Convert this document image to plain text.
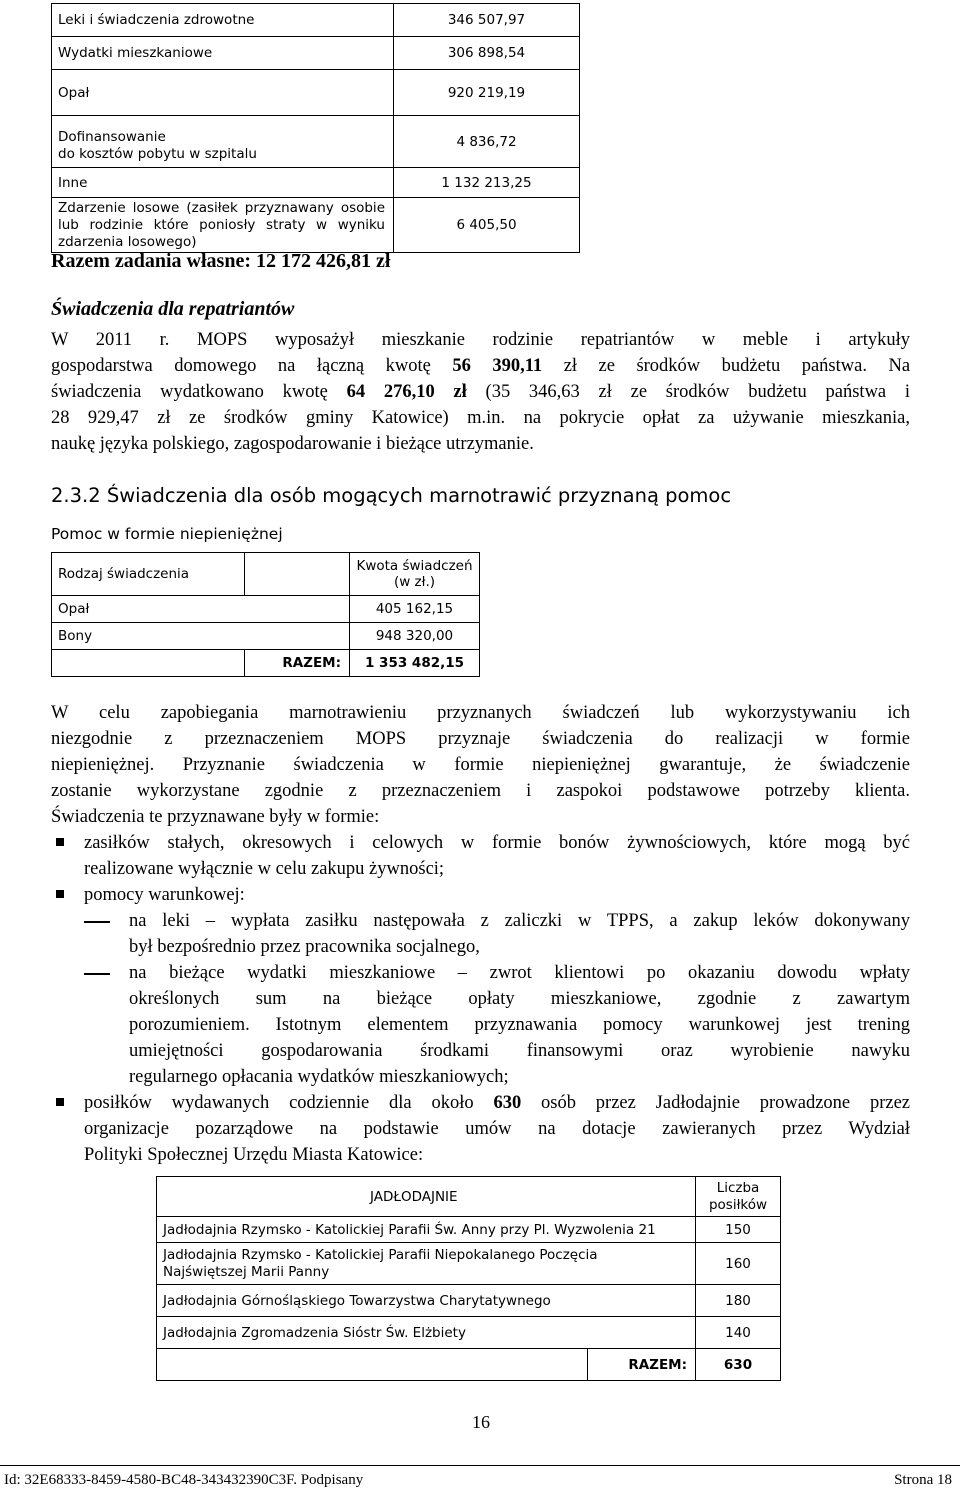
Leki i świadczenia zdrowotne	346 507,97
Wydatki mieszkaniowe	306 898,54
Opał	920 219,19

Dofinansowanie
do kosztów pobytu w szpitalu	4 836,72
Inne	1 132 213,25

Zdarzenie losowe (zasiłek przyznawany osobie
lub rodzinie które poniosły straty w wyniku
zdarzenia losowego)	6 405,50
Razem zadania własne: 12 172 426,81 zł
Świadczenia dla repatriantów
W 2011 r. MOPS wyposażył mieszkanie rodzinie repatriantów w meble i artykuły
gospodarstwa domowego na łączną kwotę 56 390,11 zł ze środków budżetu państwa. Na
świadczenia wydatkowano kwotę 64 276,10 zł (35 346,63 zł ze środków budżetu państwa i
28 929,47 zł ze środków gminy Katowice) m.in. na pokrycie opłat za używanie mieszkania,
naukę języka polskiego, zagospodarowanie i bieżące utrzymanie.
2.3.2 Świadczenia dla osób mogących marnotrawić przyznaną pomoc
Pomoc w formie niepieniężnej
Rodzaj świadczenia		Kwota świadczeń
(w zł.)

Opał		405 162,15
Bony		948 320,00
	RAZEM:	1 353 482,15
W celu zapobiegania marnotrawieniu przyznanych świadczeń lub wykorzystywaniu ich
niezgodnie z przeznaczeniem MOPS przyznaje świadczenia do realizacji w formie
niepieniężnej. Przyznanie świadczenia w formie niepieniężnej gwarantuje, że świadczenie
zostanie wykorzystane zgodnie z przeznaczeniem i zaspokoi podstawowe potrzeby klienta.
Świadczenia te przyznawane były w formie:
zasiłków stałych, okresowych i celowych w formie bonów żywnościowych, które mogą być
realizowane wyłącznie w celu zakupu żywności;
pomocy warunkowej:
na leki – wypłata zasiłku następowała z zaliczki w TPPS, a zakup leków dokonywany
był bezpośrednio przez pracownika socjalnego,
na bieżące wydatki mieszkaniowe – zwrot klientowi po okazaniu dowodu wpłaty
określonych sum na bieżące opłaty mieszkaniowe, zgodnie z zawartym
porozumieniem. Istotnym elementem przyznawania pomocy warunkowej jest trening
umiejętności gospodarowania środkami finansowymi oraz wyrobienie nawyku
regularnego opłacania wydatków mieszkaniowych;
posiłków wydawanych codziennie dla około 630 osób przez Jadłodajnie prowadzone przez
organizacje pozarządowe na podstawie umów na dotacje zawieranych przez Wydział
Polityki Społecznej Urzędu Miasta Katowice:
JADŁODAJNIE		Liczba
posiłków

Jadłodajnia Rzymsko - Katolickiej Parafii Św. Anny przy Pl. Wyzwolenia 21		150

Jadłodajnia Rzymsko - Katolickiej Parafii Niepokalanego Poczęcia
Najświętszej Marii Panny		160
Jadłodajnia Górnośląskiego Towarzystwa Charytatywnego		180
Jadłodajnia Zgromadzenia Sióstr Św. Elżbiety		140
	RAZEM:	630
16
Id: 32E68333-8459-4580-BC48-343432390C3F. Podpisany	Strona 18
